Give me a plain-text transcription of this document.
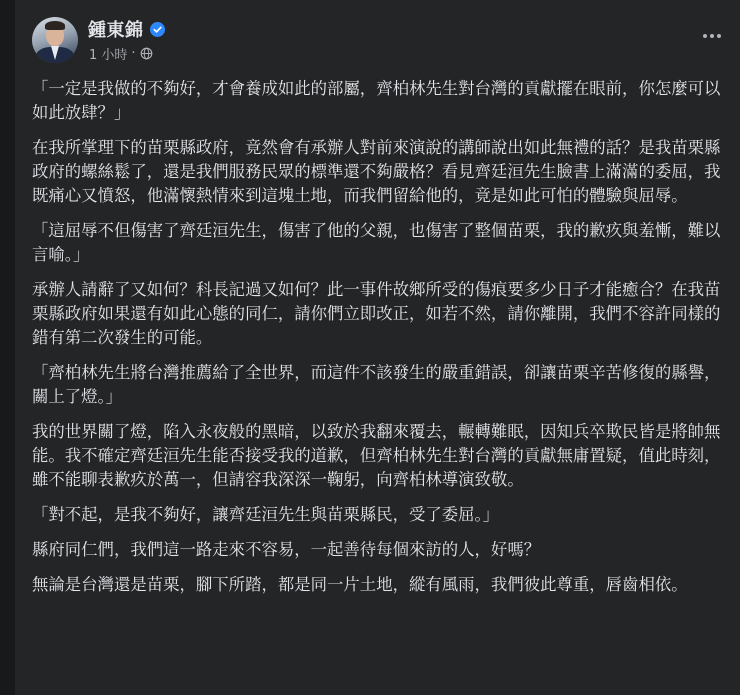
鍾東錦
1 小時 ·

「一定是我做的不夠好，才會養成如此的部屬，齊柏林先生對台灣的貢獻擺在眼前，你怎麼可以如此放肆？」

在我所掌理下的苗栗縣政府，竟然會有承辦人對前來演說的講師說出如此無禮的話？是我苗栗縣政府的螺絲鬆了，還是我們服務民眾的標準還不夠嚴格？看見齊廷洹先生臉書上滿滿的委屈，我既痛心又憤怒，他滿懷熱情來到這塊土地，而我們留給他的，竟是如此可怕的體驗與屈辱。

「這屈辱不但傷害了齊廷洹先生，傷害了他的父親，也傷害了整個苗栗，我的歉疚與羞慚，難以言喻。」

承辦人請辭了又如何？科長記過又如何？此一事件故鄉所受的傷痕要多少日子才能癒合？在我苗栗縣政府如果還有如此心態的同仁，請你們立即改正，如若不然，請你離開，我們不容許同樣的錯有第二次發生的可能。

「齊柏林先生將台灣推薦給了全世界，而這件不該發生的嚴重錯誤，卻讓苗栗辛苦修復的縣譽，關上了燈。」

我的世界關了燈，陷入永夜般的黑暗，以致於我翻來覆去，輾轉難眠，因知兵卒欺民皆是將帥無能。我不確定齊廷洹先生能否接受我的道歉，但齊柏林先生對台灣的貢獻無庸置疑，值此時刻，雖不能聊表歉疚於萬一，但請容我深深一鞠躬，向齊柏林導演致敬。

「對不起，是我不夠好，讓齊廷洹先生與苗栗縣民，受了委屈。」

縣府同仁們，我們這一路走來不容易，一起善待每個來訪的人，好嗎？

無論是台灣還是苗栗，腳下所踏，都是同一片土地，縱有風雨，我們彼此尊重，唇齒相依。
